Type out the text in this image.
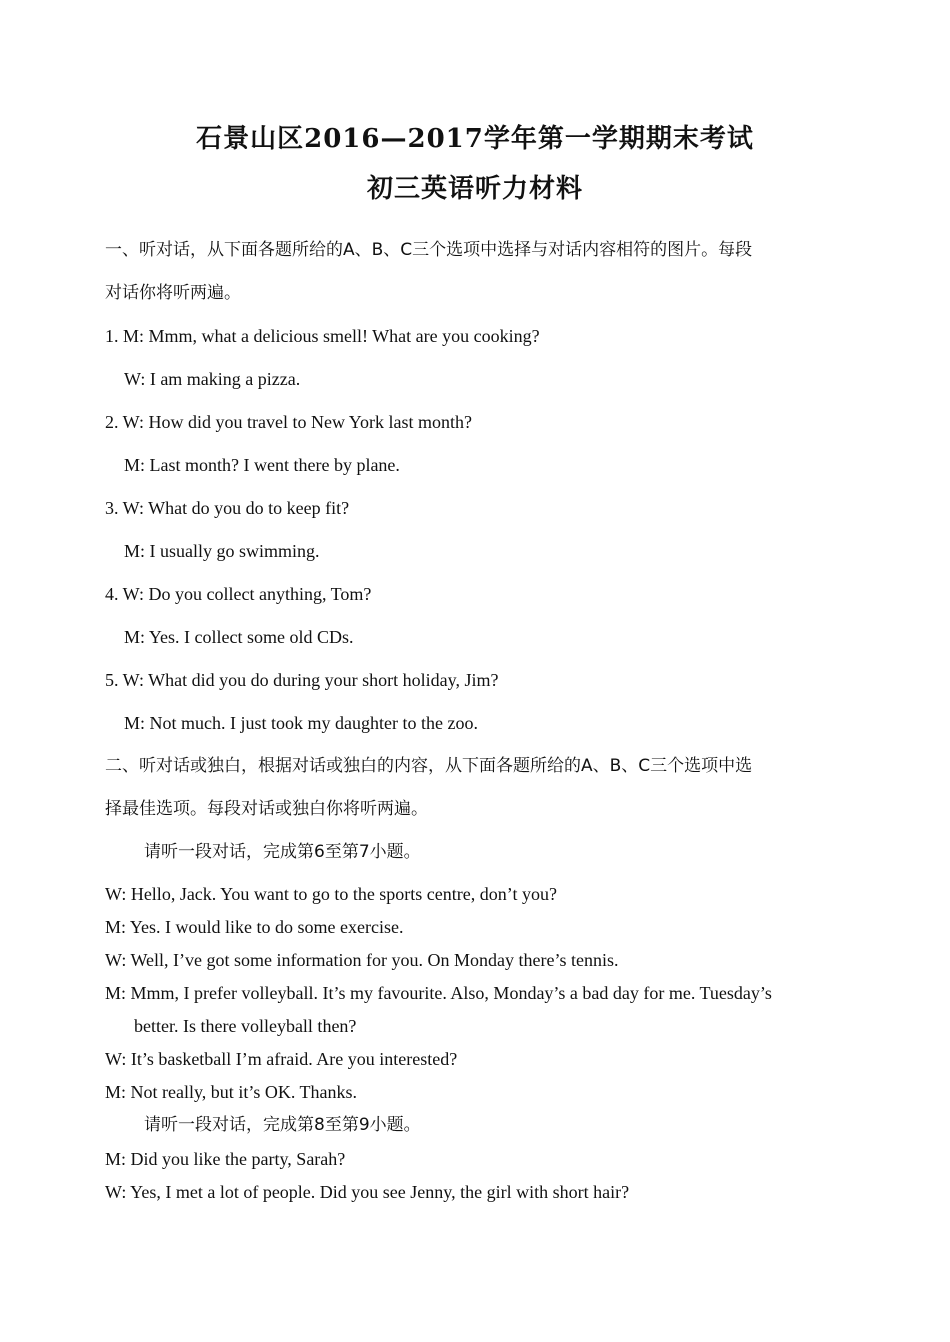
石景山区2016—2017学年第一学期期末考试
初三英语听力材料
一、听对话，从下面各题所给的A、B、C三个选项中选择与对话内容相符的图片。每段
对话你将听两遍。
1. M: Mmm, what a delicious smell! What are you cooking?
W: I am making a pizza.
2. W: How did you travel to New York last month?
M: Last month? I went there by plane.
3. W: What do you do to keep fit?
M: I usually go swimming.
4. W: Do you collect anything, Tom?
M: Yes. I collect some old CDs.
5. W: What did you do during your short holiday, Jim?
M: Not much. I just took my daughter to the zoo.
二、听对话或独白，根据对话或独白的内容，从下面各题所给的A、B、C三个选项中选
择最佳选项。每段对话或独白你将听两遍。
请听一段对话，完成第6至第7小题。
W: Hello, Jack. You want to go to the sports centre, don’t you?
M: Yes. I would like to do some exercise.
W: Well, I’ve got some information for you. On Monday there’s tennis.
M: Mmm, I prefer volleyball. It’s my favourite. Also, Monday’s a bad day for me. Tuesday’s
better. Is there volleyball then?
W: It’s basketball I’m afraid. Are you interested?
M: Not really, but it’s OK. Thanks.
请听一段对话，完成第8至第9小题。
M: Did you like the party, Sarah?
W: Yes, I met a lot of people. Did you see Jenny, the girl with short hair?
